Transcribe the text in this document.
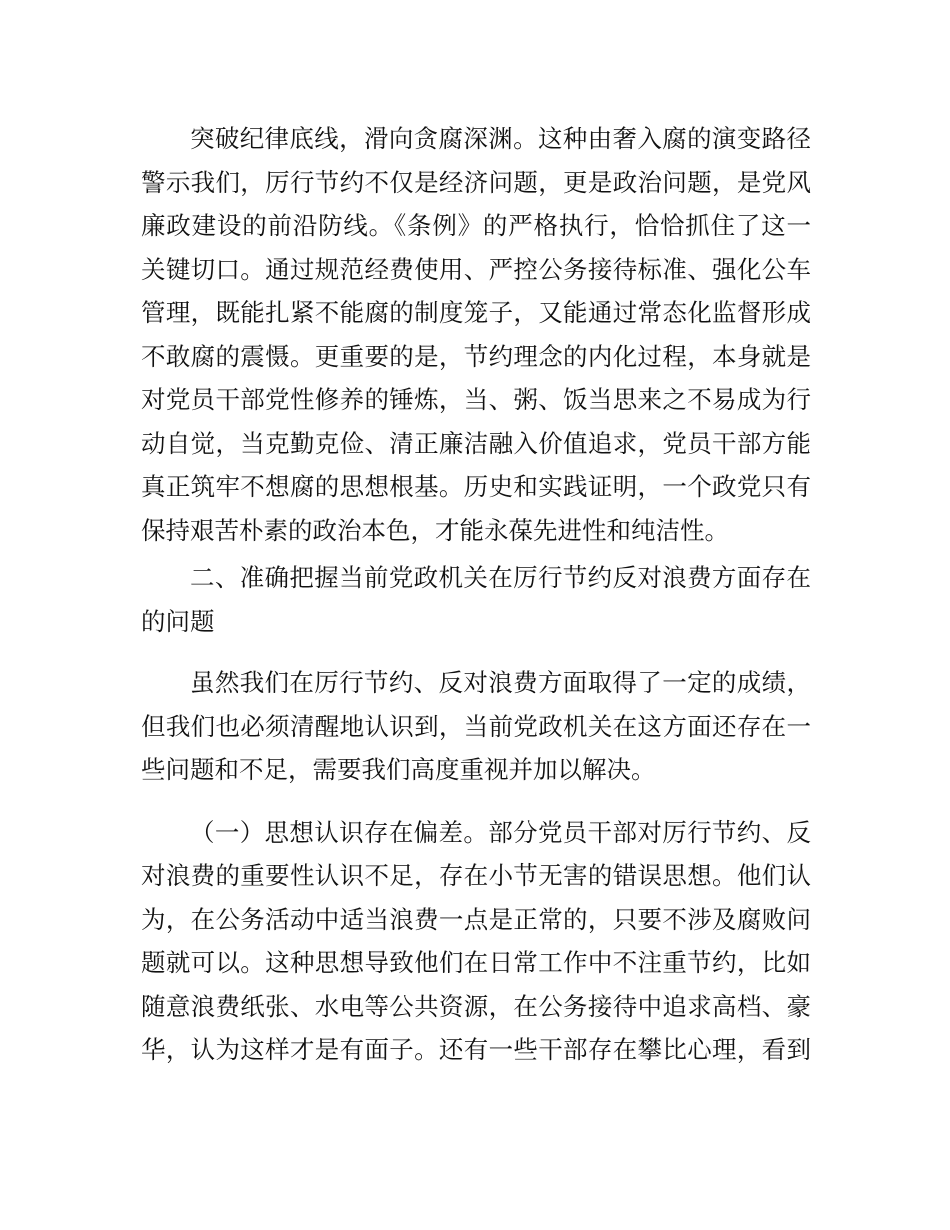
突破纪律底线，滑向贪腐深渊。这种由奢入腐的演变路径
警示我们，厉行节约不仅是经济问题，更是政治问题，是党风
廉政建设的前沿防线。《条例》的严格执行，恰恰抓住了这一
关键切口。通过规范经费使用、严控公务接待标准、强化公车
管理，既能扎紧不能腐的制度笼子，又能通过常态化监督形成
不敢腐的震慑。更重要的是，节约理念的内化过程，本身就是
对党员干部党性修养的锤炼，当、粥、饭当思来之不易成为行
动自觉，当克勤克俭、清正廉洁融入价值追求，党员干部方能
真正筑牢不想腐的思想根基。历史和实践证明，一个政党只有
保持艰苦朴素的政治本色，才能永葆先进性和纯洁性。
二、准确把握当前党政机关在厉行节约反对浪费方面存在
的问题
虽然我们在厉行节约、反对浪费方面取得了一定的成绩，
但我们也必须清醒地认识到，当前党政机关在这方面还存在一
些问题和不足，需要我们高度重视并加以解决。
（一）思想认识存在偏差。部分党员干部对厉行节约、反
对浪费的重要性认识不足，存在小节无害的错误思想。他们认
为，在公务活动中适当浪费一点是正常的，只要不涉及腐败问
题就可以。这种思想导致他们在日常工作中不注重节约，比如
随意浪费纸张、水电等公共资源，在公务接待中追求高档、豪
华，认为这样才是有面子。还有一些干部存在攀比心理，看到
